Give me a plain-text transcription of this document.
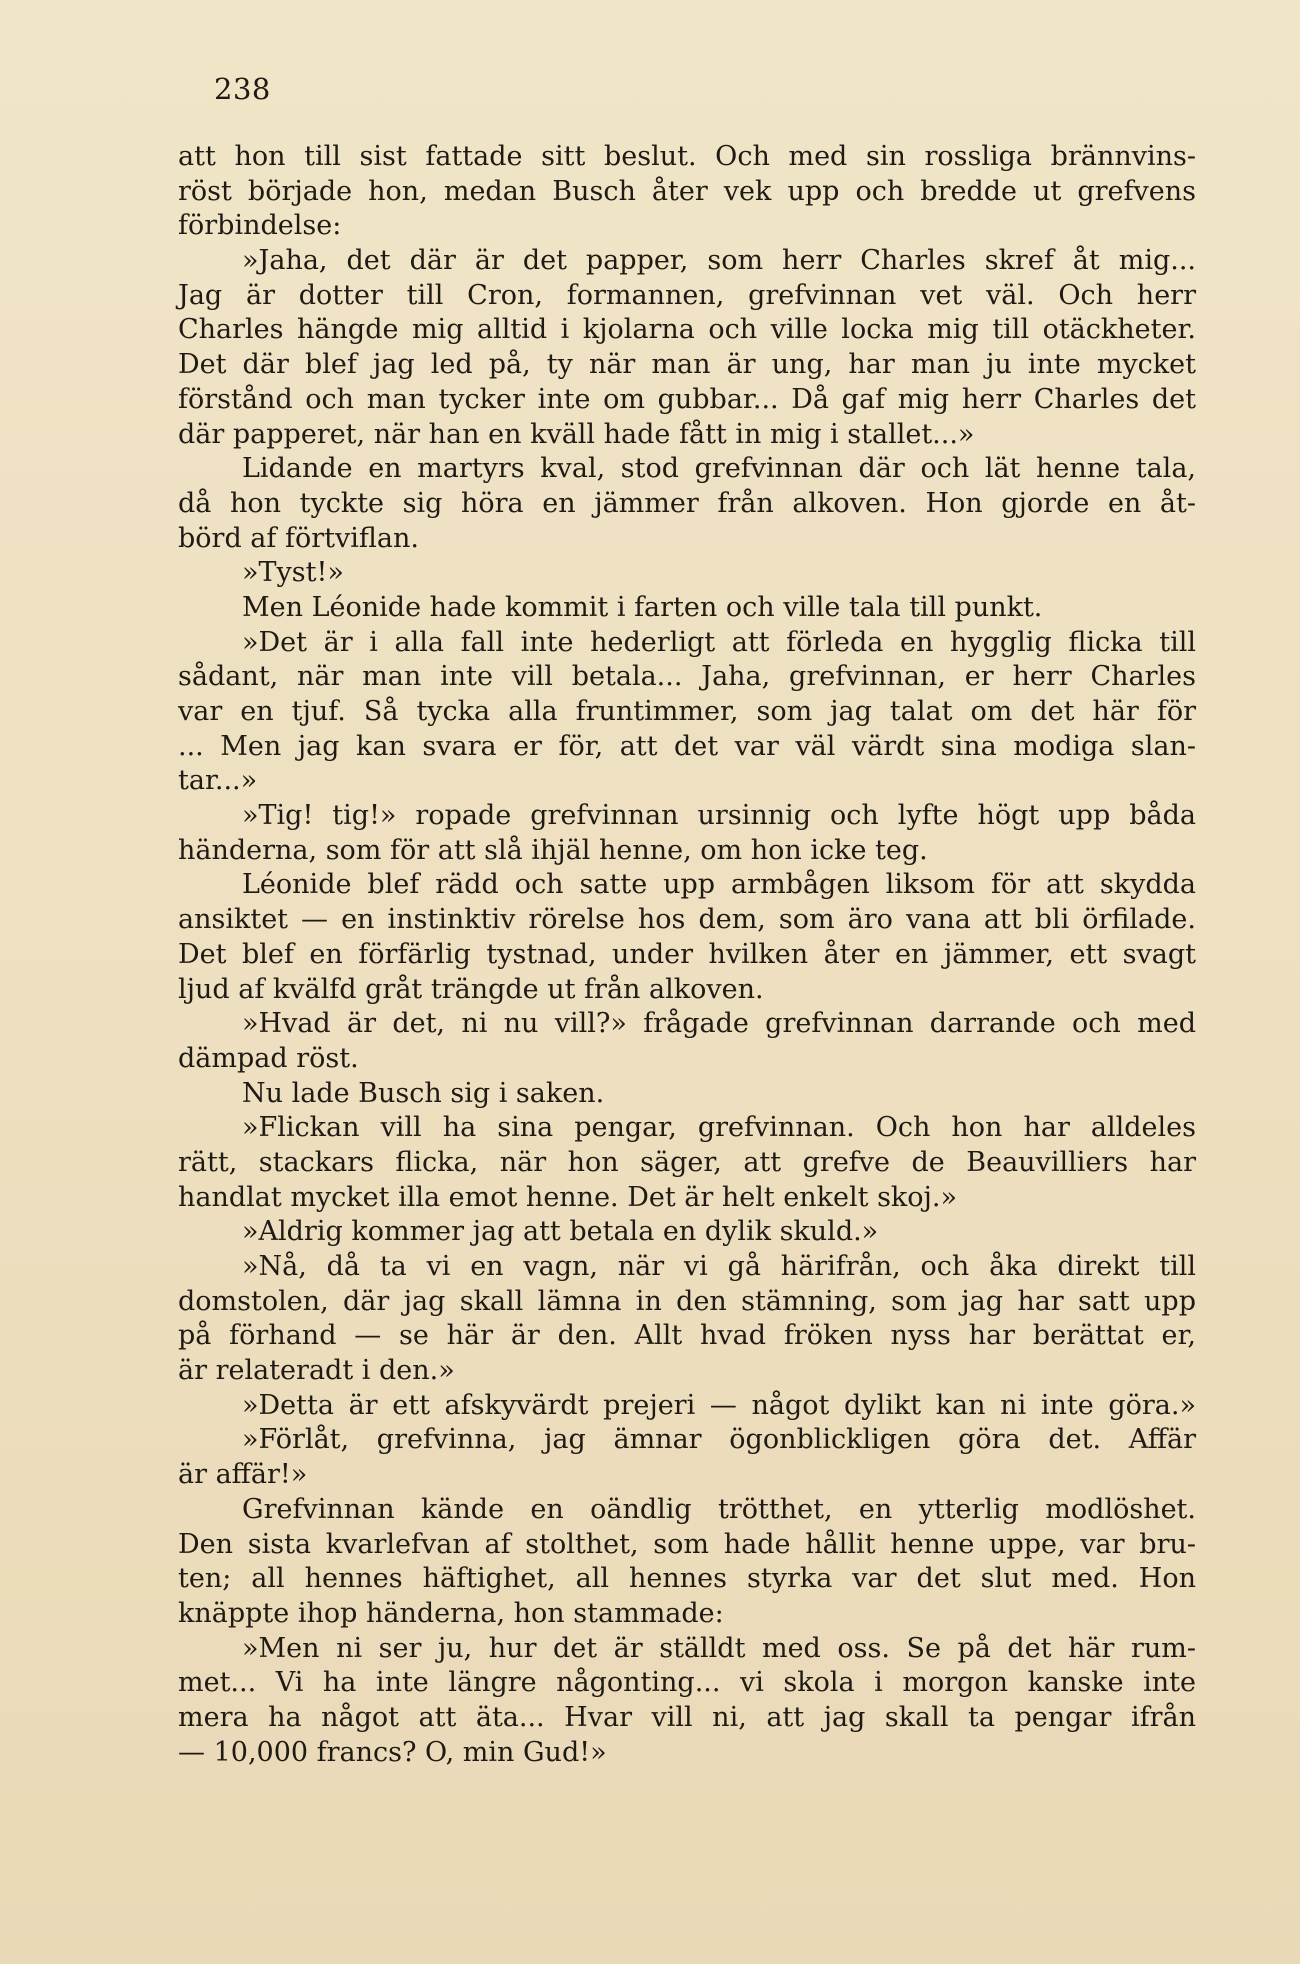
238
att hon till sist fattade sitt beslut. Och med sin rossliga brännvins-
röst började hon, medan Busch åter vek upp och bredde ut grefvens
förbindelse:
»Jaha, det där är det papper, som herr Charles skref åt mig...
Jag är dotter till Cron, formannen, grefvinnan vet väl. Och herr
Charles hängde mig alltid i kjolarna och ville locka mig till otäckheter.
Det där blef jag led på, ty när man är ung, har man ju inte mycket
förstånd och man tycker inte om gubbar... Då gaf mig herr Charles det
där papperet, när han en kväll hade fått in mig i stallet...»
Lidande en martyrs kval, stod grefvinnan där och lät henne tala,
då hon tyckte sig höra en jämmer från alkoven. Hon gjorde en åt-
börd af förtviflan.
»Tyst!»
Men Léonide hade kommit i farten och ville tala till punkt.
»Det är i alla fall inte hederligt att förleda en hygglig flicka till
sådant, när man inte vill betala... Jaha, grefvinnan, er herr Charles
var en tjuf. Så tycka alla fruntimmer, som jag talat om det här för
... Men jag kan svara er för, att det var väl värdt sina modiga slan-
tar...»
»Tig! tig!» ropade grefvinnan ursinnig och lyfte högt upp båda
händerna, som för att slå ihjäl henne, om hon icke teg.
Léonide blef rädd och satte upp armbågen liksom för att skydda
ansiktet — en instinktiv rörelse hos dem, som äro vana att bli örfilade.
Det blef en förfärlig tystnad, under hvilken åter en jämmer, ett svagt
ljud af kvälfd gråt trängde ut från alkoven.
»Hvad är det, ni nu vill?» frågade grefvinnan darrande och med
dämpad röst.
Nu lade Busch sig i saken.
»Flickan vill ha sina pengar, grefvinnan. Och hon har alldeles
rätt, stackars flicka, när hon säger, att grefve de Beauvilliers har
handlat mycket illa emot henne. Det är helt enkelt skoj.»
»Aldrig kommer jag att betala en dylik skuld.»
»Nå, då ta vi en vagn, när vi gå härifrån, och åka direkt till
domstolen, där jag skall lämna in den stämning, som jag har satt upp
på förhand — se här är den. Allt hvad fröken nyss har berättat er,
är relateradt i den.»
»Detta är ett afskyvärdt prejeri — något dylikt kan ni inte göra.»
»Förlåt, grefvinna, jag ämnar ögonblickligen göra det. Affär
är affär!»
Grefvinnan kände en oändlig trötthet, en ytterlig modlöshet.
Den sista kvarlefvan af stolthet, som hade hållit henne uppe, var bru-
ten; all hennes häftighet, all hennes styrka var det slut med. Hon
knäppte ihop händerna, hon stammade:
»Men ni ser ju, hur det är ställdt med oss. Se på det här rum-
met... Vi ha inte längre någonting... vi skola i morgon kanske inte
mera ha något att äta... Hvar vill ni, att jag skall ta pengar ifrån
— 10,000 francs? O, min Gud!»
